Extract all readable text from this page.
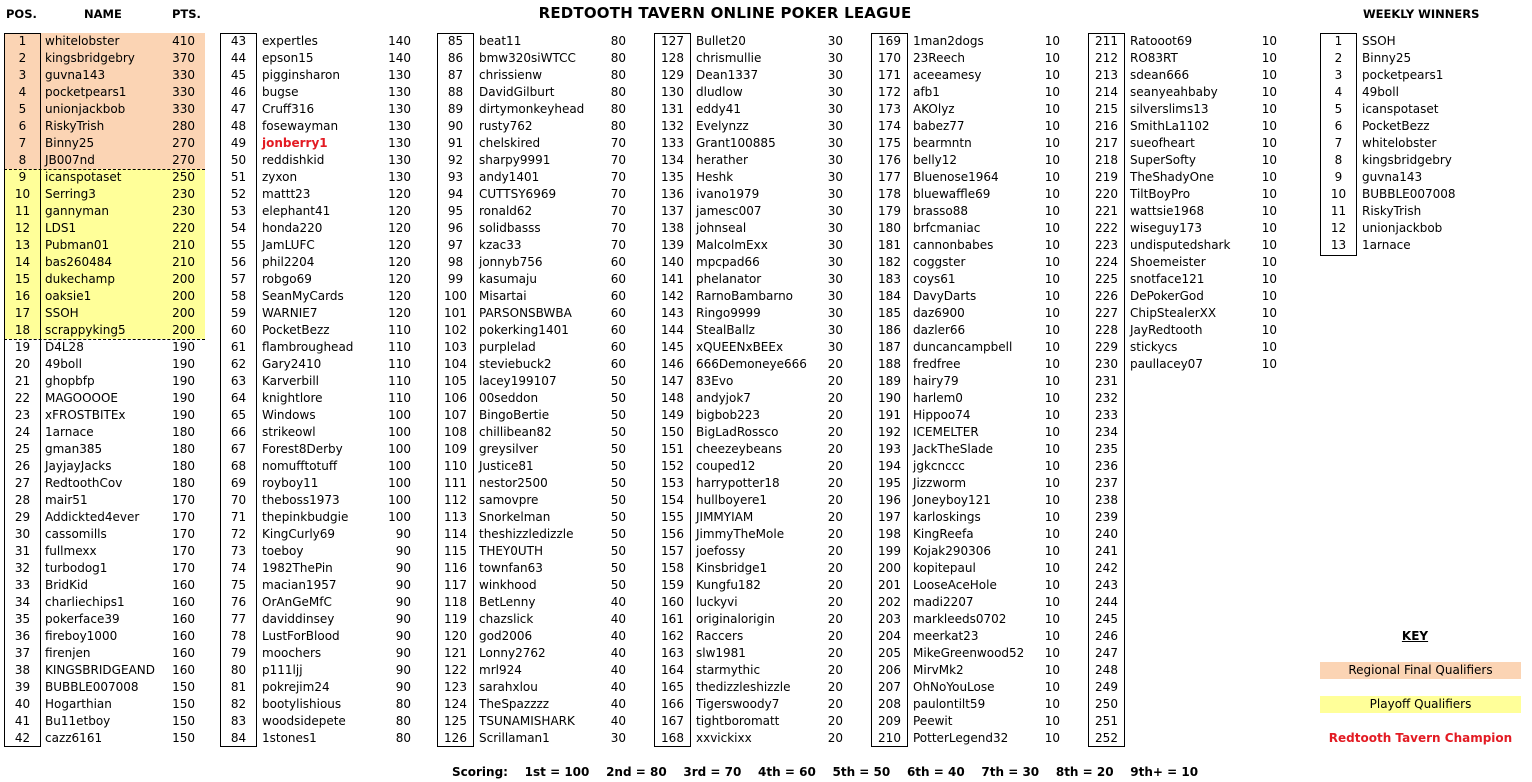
POS.	NAME	PTS.	REDTOOTH TAVERN ONLINE POKER LEAGUE	WEEKLY WINNERS
1	whitelobster	410
2	kingsbridgebry	370
3	guvna143	330
4	pocketpears1	330
5	unionjackbob	330
6	RiskyTrish	280
7	Binny25	270
8	JB007nd	270
9	icanspotaset	250
10	Serring3	230
11	gannyman	230
12	LDS1	220
13	Pubman01	210
14	bas260484	210
15	dukechamp	200
16	oaksie1	200
17	SSOH	200
18	scrappyking5	200
19	D4L28	190
20	49boll	190
21	ghopbfp	190
22	MAGOOOOE	190
23	xFROSTBITEx	190
24	1arnace	180
25	gman385	180
26	JayjayJacks	180
27	RedtoothCov	180
28	mair51	170
29	Addickted4ever	170
30	cassomills	170
31	fullmexx	170
32	turbodog1	170
33	BridKid	160
34	charliechips1	160
35	pokerface39	160
36	fireboy1000	160
37	firenjen	160
38	KINGSBRIDGEAND	160
39	BUBBLE007008	150
40	Hogarthian	150
41	Bu11etboy	150
42	cazz6161	150
43	expertles	140
44	epson15	140
45	pigginsharon	130
46	bugse	130
47	Cruff316	130
48	fosewayman	130
49	jonberry1	130
50	reddishkid	130
51	zyxon	130
52	mattt23	120
53	elephant41	120
54	honda220	120
55	JamLUFC	120
56	phil2204	120
57	robgo69	120
58	SeanMyCards	120
59	WARNIE7	120
60	PocketBezz	110
61	flambroughead	110
62	Gary2410	110
63	Karverbill	110
64	knightlore	110
65	Windows	100
66	strikeowl	100
67	Forest8Derby	100
68	nomufftotuff	100
69	royboy11	100
70	theboss1973	100
71	thepinkbudgie	100
72	KingCurly69	90
73	toeboy	90
74	1982ThePin	90
75	macian1957	90
76	OrAnGeMfC	90
77	daviddinsey	90
78	LustForBlood	90
79	moochers	90
80	p111ljj	90
81	pokrejim24	90
82	bootylishious	80
83	woodsidepete	80
84	1stones1	80
85	beat11	80
86	bmw320siWTCC	80
87	chrissienw	80
88	DavidGilburt	80
89	dirtymonkeyhead	80
90	rusty762	80
91	chelskired	70
92	sharpy9991	70
93	andy1401	70
94	CUTTSY6969	70
95	ronald62	70
96	solidbasss	70
97	kzac33	70
98	jonnyb756	60
99	kasumaju	60
100	Misartai	60
101	PARSONSBWBA	60
102	pokerking1401	60
103	purplelad	60
104	steviebuck2	60
105	lacey199107	50
106	00seddon	50
107	BingoBertie	50
108	chillibean82	50
109	greysilver	50
110	Justice81	50
111	nestor2500	50
112	samovpre	50
113	Snorkelman	50
114	theshizzledizzle	50
115	THEY0UTH	50
116	townfan63	50
117	winkhood	50
118	BetLenny	40
119	chazslick	40
120	god2006	40
121	Lonny2762	40
122	mrl924	40
123	sarahxlou	40
124	TheSpazzzz	40
125	TSUNAMISHARK	40
126	Scrillaman1	30
127	Bullet20	30
128	chrismullie	30
129	Dean1337	30
130	dludlow	30
131	eddy41	30
132	Evelynzz	30
133	Grant100885	30
134	herather	30
135	Heshk	30
136	ivano1979	30
137	jamesc007	30
138	johnseal	30
139	MalcolmExx	30
140	mpcpad66	30
141	phelanator	30
142	RarnoBambarno	30
143	Ringo9999	30
144	StealBallz	30
145	xQUEENxBEEx	30
146	666Demoneye666	20
147	83Evo	20
148	andyjok7	20
149	bigbob223	20
150	BigLadRossco	20
151	cheezeybeans	20
152	couped12	20
153	harrypotter18	20
154	hullboyere1	20
155	JIMMYIAM	20
156	JimmyTheMole	20
157	joefossy	20
158	Kinsbridge1	20
159	Kungfu182	20
160	luckyvi	20
161	originalorigin	20
162	Raccers	20
163	slw1981	20
164	starmythic	20
165	thedizzleshizzle	20
166	Tigerswoody7	20
167	tightboromatt	20
168	xxvickixx	20
169	1man2dogs	10
170	23Reech	10
171	aceeamesy	10
172	afb1	10
173	AKOlyz	10
174	babez77	10
175	bearmntn	10
176	belly12	10
177	Bluenose1964	10
178	bluewaffle69	10
179	brasso88	10
180	brfcmaniac	10
181	cannonbabes	10
182	coggster	10
183	coys61	10
184	DavyDarts	10
185	daz6900	10
186	dazler66	10
187	duncancampbell	10
188	fredfree	10
189	hairy79	10
190	harlem0	10
191	Hippoo74	10
192	ICEMELTER	10
193	JackTheSlade	10
194	jgkcnccc	10
195	Jizzworm	10
196	Joneyboy121	10
197	karloskings	10
198	KingReefa	10
199	Kojak290306	10
200	kopitepaul	10
201	LooseAceHole	10
202	madi2207	10
203	markleeds0702	10
204	meerkat23	10
205	MikeGreenwood52	10
206	MirvMk2	10
207	OhNoYouLose	10
208	paulontilt59	10
209	Peewit	10
210	PotterLegend32	10
211	Ratooot69	10
212	RO83RT	10
213	sdean666	10
214	seanyeahbaby	10
215	silverslims13	10
216	SmithLa1102	10
217	sueofheart	10
218	SuperSofty	10
219	TheShadyOne	10
220	TiltBoyPro	10
221	wattsie1968	10
222	wiseguy173	10
223	undisputedshark	10
224	Shoemeister	10
225	snotface121	10
226	DePokerGod	10
227	ChipStealerXX	10
228	JayRedtooth	10
229	stickycs	10
230	paullacey07	10
231
232
233
234
235
236
237
238
239
240
241
242
243
244
245
246
247
248
249
250
251
252
1	SSOH
2	Binny25
3	pocketpears1
4	49boll
5	icanspotaset
6	PocketBezz
7	whitelobster
8	kingsbridgebry
9	guvna143
10	BUBBLE007008
11	RiskyTrish
12	unionjackbob
13	1arnace
KEY
Regional Final Qualifiers
Playoff Qualifiers
Redtooth Tavern Champion
Scoring:    1st = 100    2nd = 80    3rd = 70    4th = 60    5th = 50    6th = 40    7th = 30    8th = 20    9th+ = 10
